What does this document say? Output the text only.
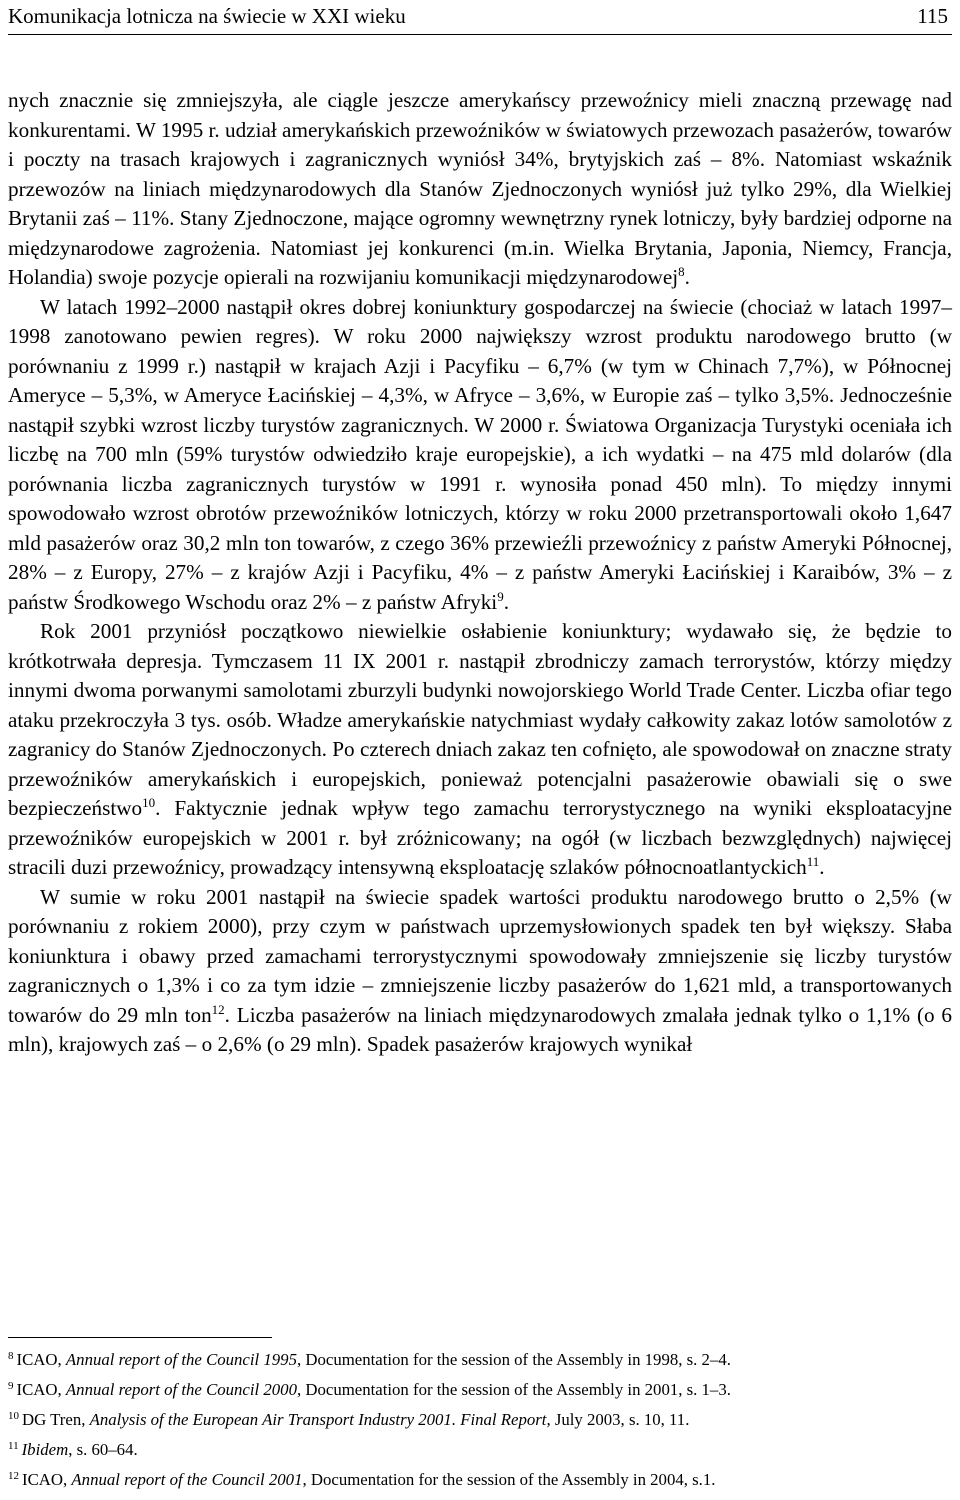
Komunikacja lotnicza na świecie w XXI wieku	115

nych znacznie się zmniejszyła, ale ciągle jeszcze amerykańscy przewoźnicy mieli znaczną przewagę nad konkurentami. W 1995 r. udział amerykańskich przewoźników w światowych przewozach pasażerów, towarów i poczty na trasach krajowych i zagranicznych wyniósł 34%, brytyjskich zaś – 8%. Natomiast wskaźnik przewozów na liniach międzynarodowych dla Stanów Zjednoczonych wyniósł już tylko 29%, dla Wielkiej Brytanii zaś – 11%. Stany Zjednoczone, mające ogromny wewnętrzny rynek lotniczy, były bardziej odporne na międzynarodowe zagrożenia. Natomiast jej konkurenci (m.in. Wielka Brytania, Japonia, Niemcy, Francja, Holandia) swoje pozycje opierali na rozwijaniu komunikacji międzynarodowej$^8$.

W latach 1992–2000 nastąpił okres dobrej koniunktury gospodarczej na świecie (chociaż w latach 1997–1998 zanotowano pewien regres). W roku 2000 największy wzrost produktu narodowego brutto (w porównaniu z 1999 r.) nastąpił w krajach Azji i Pacyfiku – 6,7% (w tym w Chinach 7,7%), w Północnej Ameryce – 5,3%, w Ameryce Łacińskiej – 4,3%, w Afryce – 3,6%, w Europie zaś – tylko 3,5%. Jednocześnie nastąpił szybki wzrost liczby turystów zagranicznych. W 2000 r. Światowa Organizacja Turystyki oceniała ich liczbę na 700 mln (59% turystów odwiedziło kraje europejskie), a ich wydatki – na 475 mld dolarów (dla porównania liczba zagranicznych turystów w 1991 r. wynosiła ponad 450 mln). To między innymi spowodowało wzrost obrotów przewoźników lotniczych, którzy w roku 2000 przetransportowali około 1,647 mld pasażerów oraz 30,2 mln ton towarów, z czego 36% przewieźli przewoźnicy z państw Ameryki Północnej, 28% – z Europy, 27% – z krajów Azji i Pacyfiku, 4% – z państw Ameryki Łacińskiej i Karaibów, 3% – z państw Środkowego Wschodu oraz 2% – z państw Afryki$^9$.

Rok 2001 przyniósł początkowo niewielkie osłabienie koniunktury; wydawało się, że będzie to krótkotrwała depresja. Tymczasem 11 IX 2001 r. nastąpił zbrodniczy zamach terrorystów, którzy między innymi dwoma porwanymi samolotami zburzyli budynki nowojorskiego World Trade Center. Liczba ofiar tego ataku przekroczyła 3 tys. osób. Władze amerykańskie natychmiast wydały całkowity zakaz lotów samolotów z zagranicy do Stanów Zjednoczonych. Po czterech dniach zakaz ten cofnięto, ale spowodował on znaczne straty przewoźników amerykańskich i europejskich, ponieważ potencjalni pasażerowie obawiali się o swe bezpieczeństwo$^{10}$. Faktycznie jednak wpływ tego zamachu terrorystycznego na wyniki eksploatacyjne przewoźników europejskich w 2001 r. był zróżnicowany; na ogół (w liczbach bezwzględnych) najwięcej stracili duzi przewoźnicy, prowadzący intensywną eksploatację szlaków północnoatlantyckich$^{11}$.

W sumie w roku 2001 nastąpił na świecie spadek wartości produktu narodowego brutto o 2,5% (w porównaniu z rokiem 2000), przy czym w państwach uprzemysłowionych spadek ten był większy. Słaba koniunktura i obawy przed zamachami terrorystycznymi spowodowały zmniejszenie się liczby turystów zagranicznych o 1,3% i co za tym idzie – zmniejszenie liczby pasażerów do 1,621 mld, a transportowanych towarów do 29 mln ton$^{12}$. Liczba pasażerów na liniach międzynarodowych zmalała jednak tylko o 1,1% (o 6 mln), krajowych zaś – o 2,6% (o 29 mln). Spadek pasażerów krajowych wynikał

$^8$ ICAO, Annual report of the Council 1995, Documentation for the session of the Assembly in 1998, s. 2–4.
$^9$ ICAO, Annual report of the Council 2000, Documentation for the session of the Assembly in 2001, s. 1–3.
$^{10}$ DG Tren, Analysis of the European Air Transport Industry 2001. Final Report, July 2003, s. 10, 11.
$^{11}$ Ibidem, s. 60–64.
$^{12}$ ICAO, Annual report of the Council 2001, Documentation for the session of the Assembly in 2004, s.1.
